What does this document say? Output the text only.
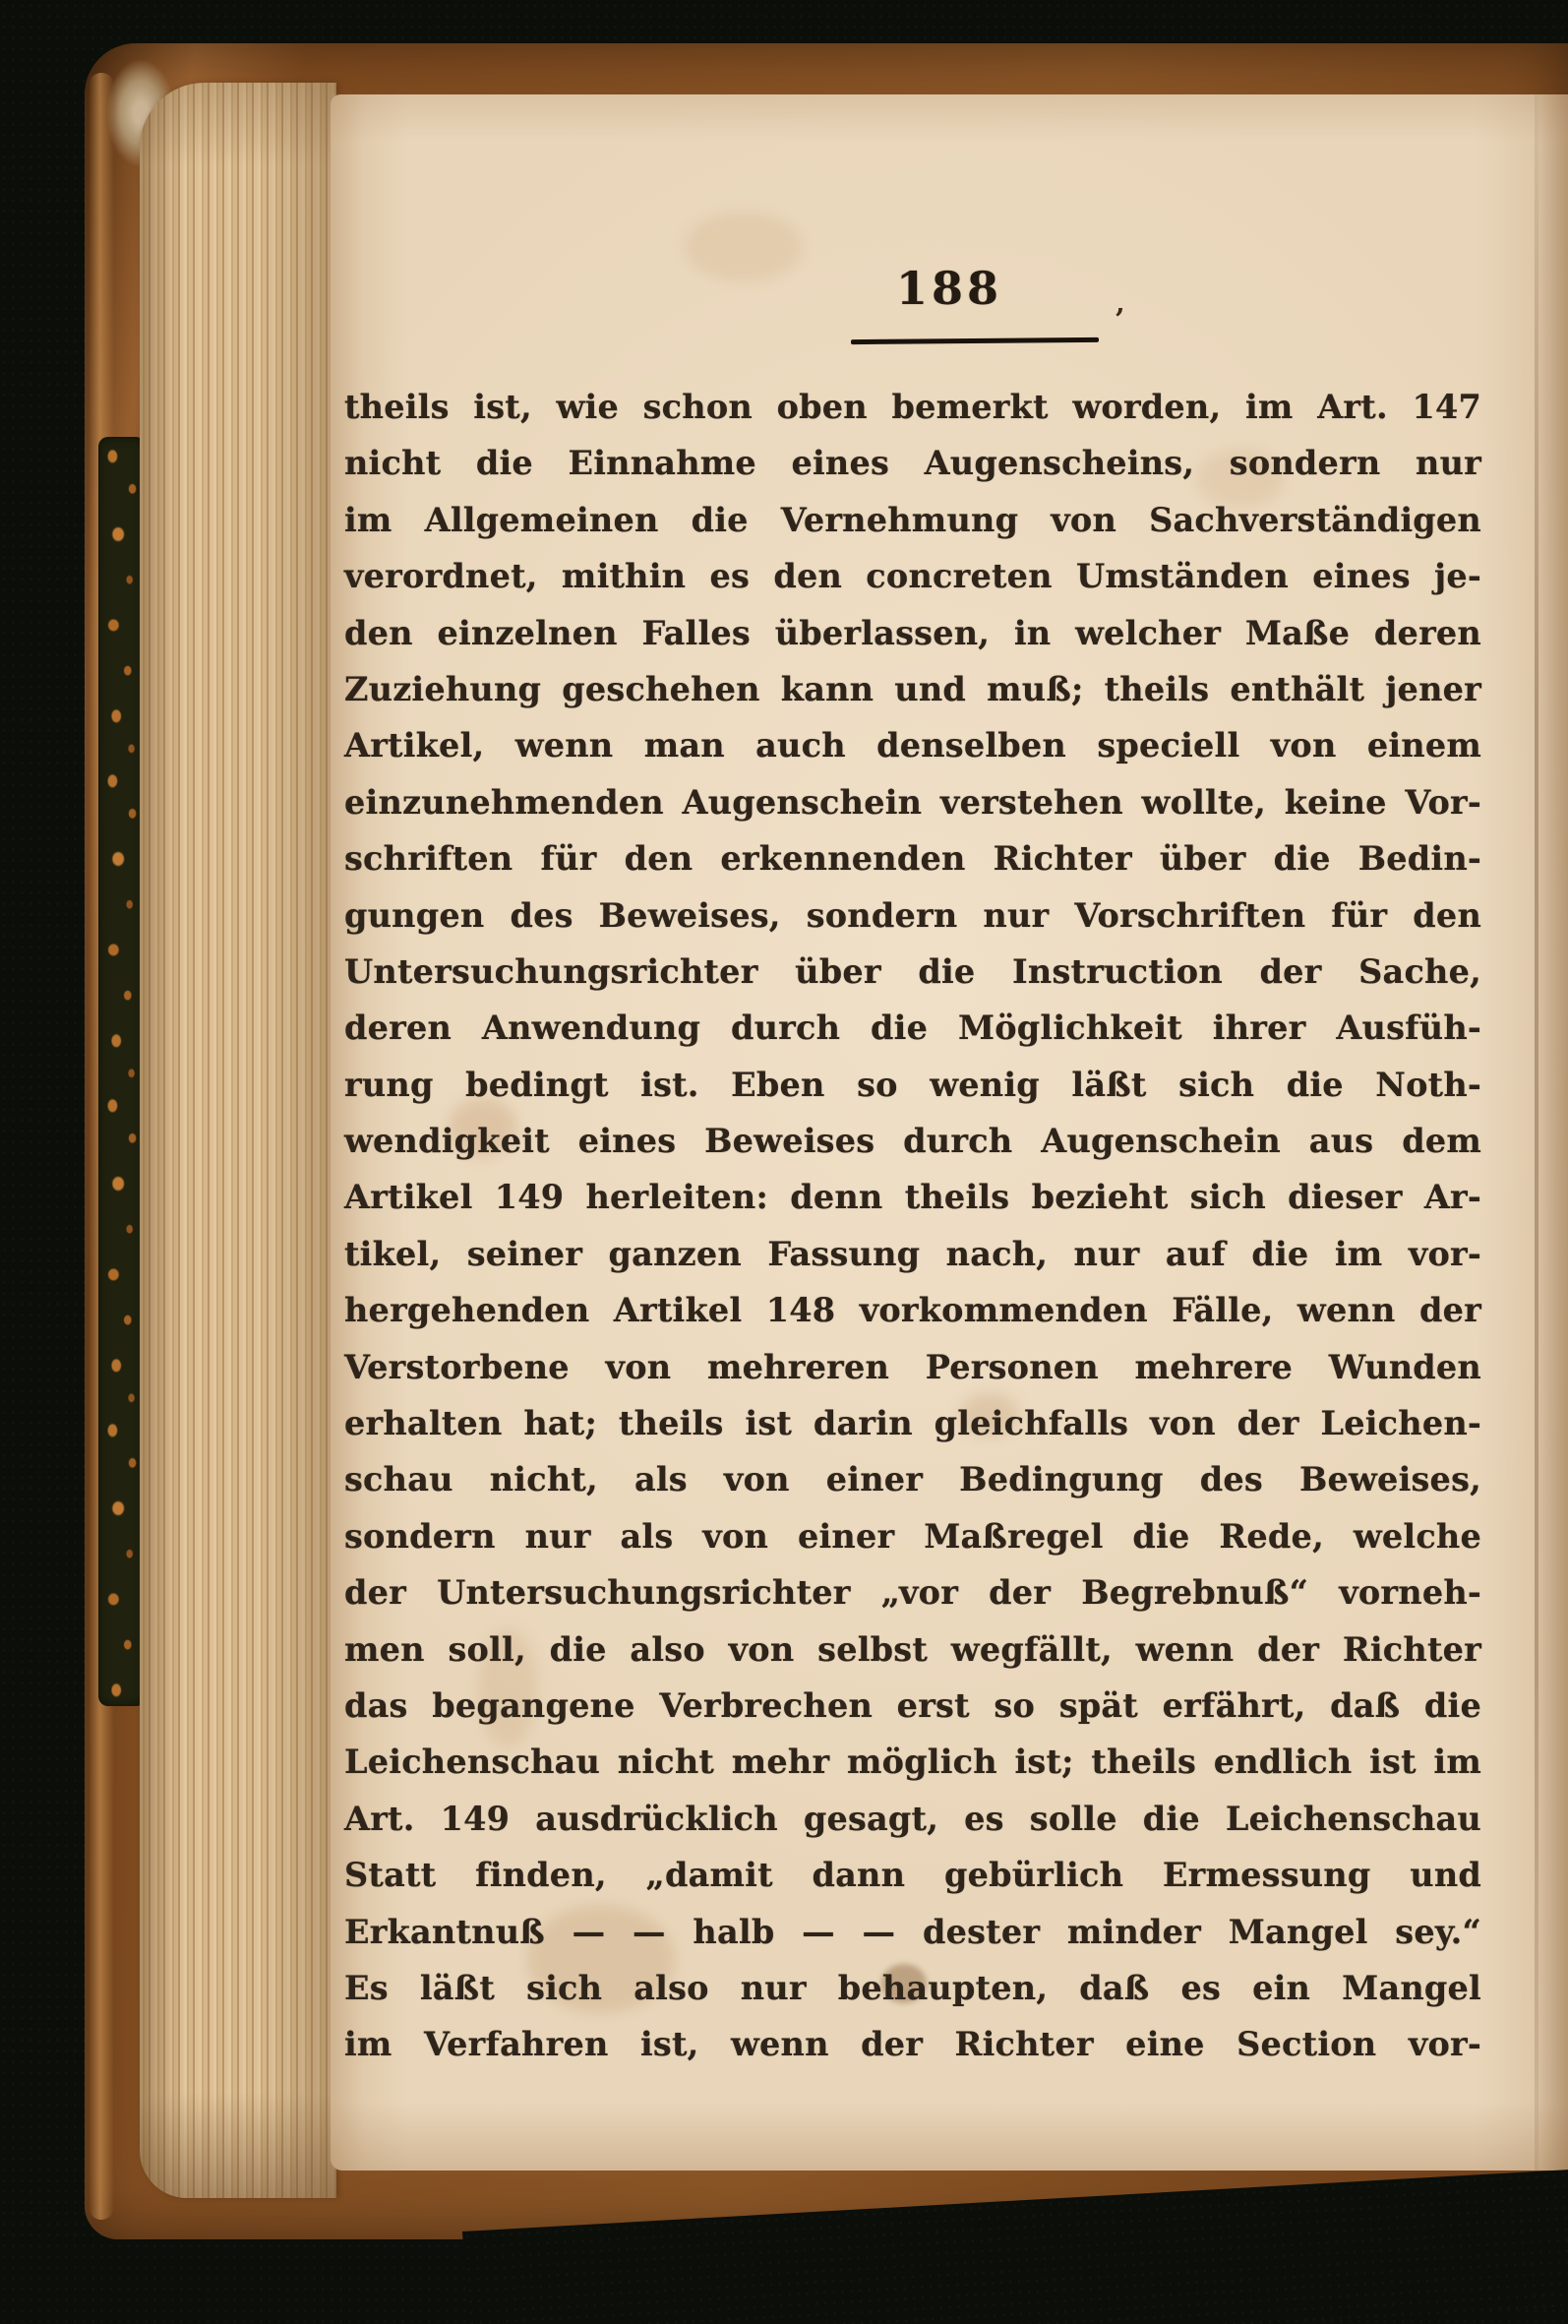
188
’
theils ist, wie schon oben bemerkt worden, im Art. 147
nicht die Einnahme eines Augenscheins, sondern nur
im Allgemeinen die Vernehmung von Sachverständigen
verordnet, mithin es den concreten Umständen eines je-
den einzelnen Falles überlassen, in welcher Maße deren
Zuziehung geschehen kann und muß; theils enthält jener
Artikel, wenn man auch denselben speciell von einem
einzunehmenden Augenschein verstehen wollte, keine Vor-
schriften für den erkennenden Richter über die Bedin-
gungen des Beweises, sondern nur Vorschriften für den
Untersuchungsrichter über die Instruction der Sache,
deren Anwendung durch die Möglichkeit ihrer Ausfüh-
rung bedingt ist. Eben so wenig läßt sich die Noth-
wendigkeit eines Beweises durch Augenschein aus dem
Artikel 149 herleiten: denn theils bezieht sich dieser Ar-
tikel, seiner ganzen Fassung nach, nur auf die im vor-
hergehenden Artikel 148 vorkommenden Fälle, wenn der
Verstorbene von mehreren Personen mehrere Wunden
erhalten hat; theils ist darin gleichfalls von der Leichen-
schau nicht, als von einer Bedingung des Beweises,
sondern nur als von einer Maßregel die Rede, welche
der Untersuchungsrichter „vor der Begrebnuß“ vorneh-
men soll, die also von selbst wegfällt, wenn der Richter
das begangene Verbrechen erst so spät erfährt, daß die
Leichenschau nicht mehr möglich ist; theils endlich ist im
Art. 149 ausdrücklich gesagt, es solle die Leichenschau
Statt finden, „damit dann gebürlich Ermessung und
Erkantnuß — — halb — — dester minder Mangel sey.“
Es läßt sich also nur behaupten, daß es ein Mangel
im Verfahren ist, wenn der Richter eine Section vor-
